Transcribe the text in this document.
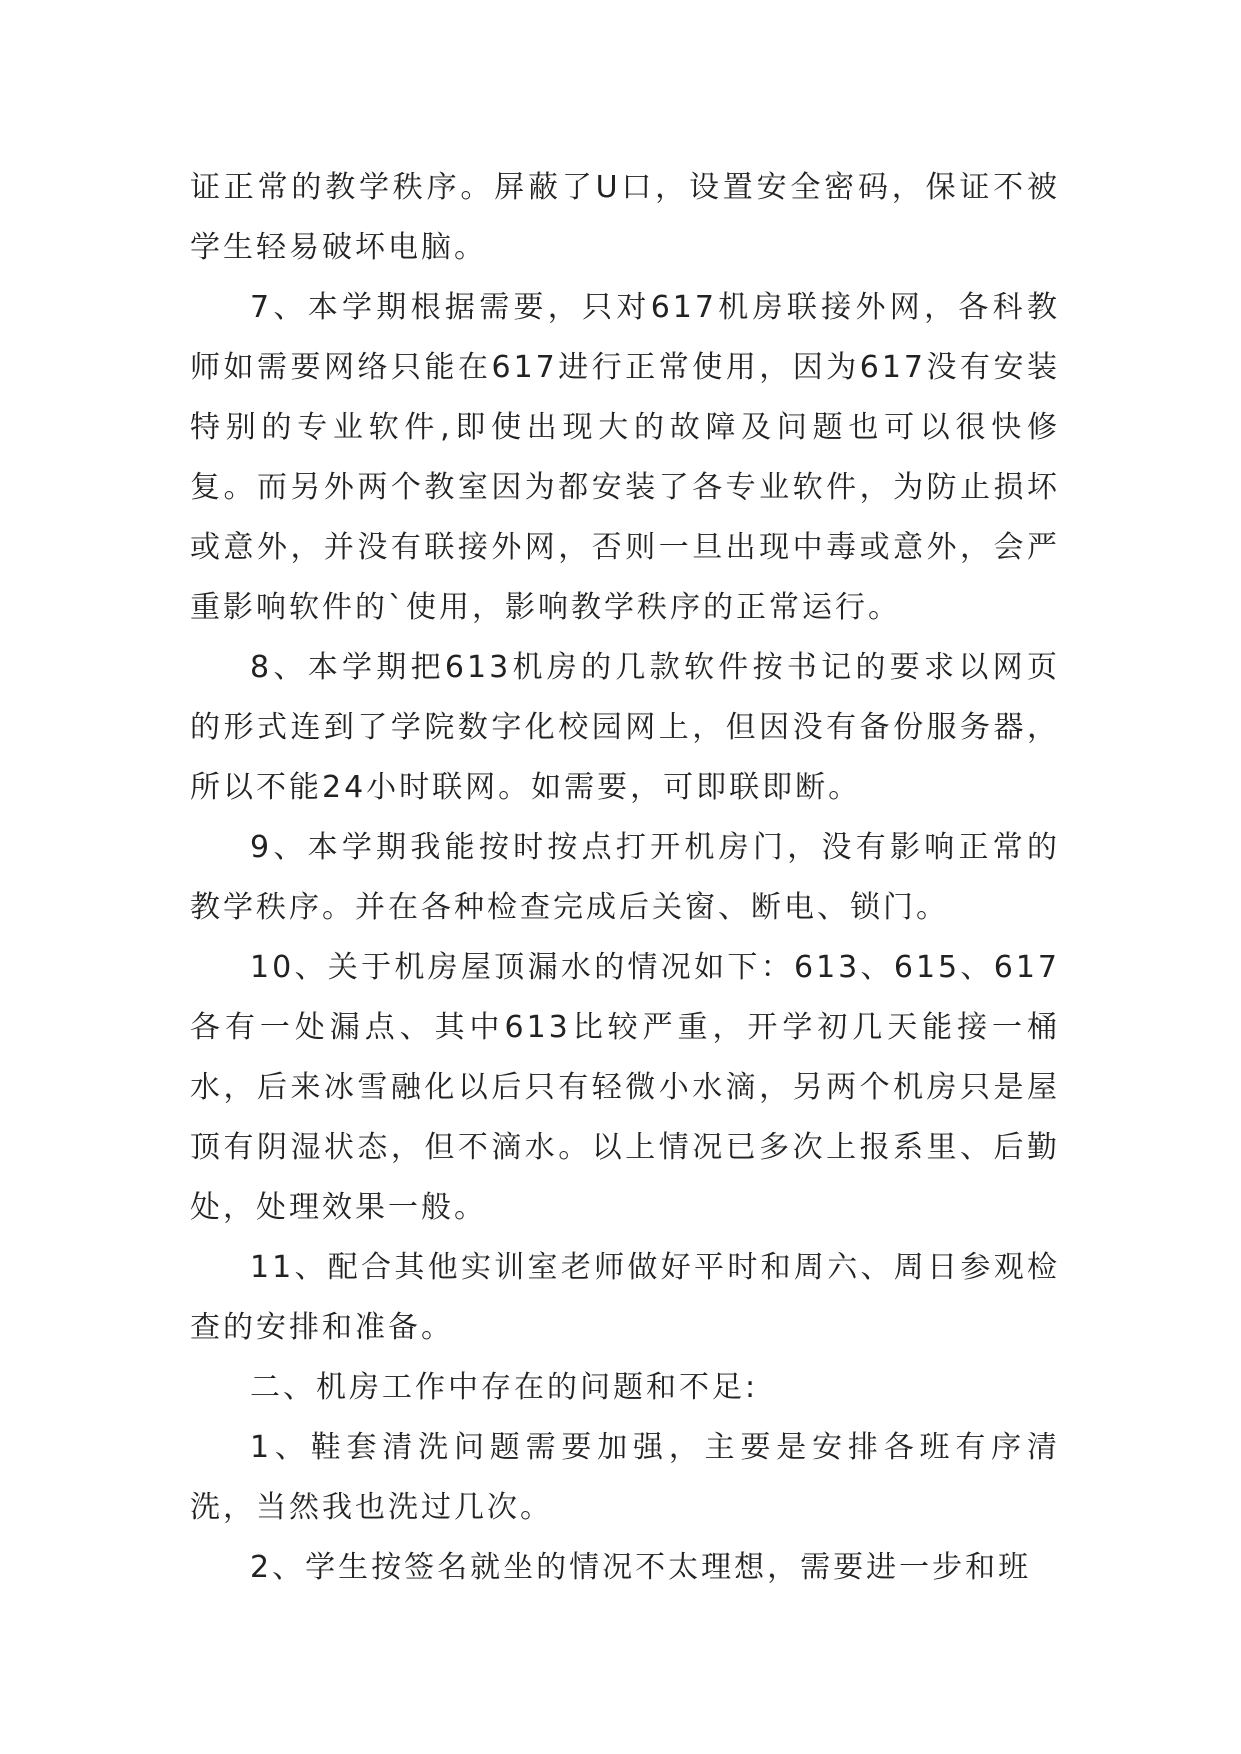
证正常的教学秩序。屏蔽了U口，设置安全密码，保证不被学生轻易破坏电脑。

7、本学期根据需要，只对617机房联接外网，各科教师如需要网络只能在617进行正常使用，因为617没有安装特别的专业软件,即使出现大的故障及问题也可以很快修复。而另外两个教室因为都安装了各专业软件，为防止损坏或意外，并没有联接外网，否则一旦出现中毒或意外，会严重影响软件的`使用，影响教学秩序的正常运行。

8、本学期把613机房的几款软件按书记的要求以网页的形式连到了学院数字化校园网上，但因没有备份服务器，所以不能24小时联网。如需要，可即联即断。

9、本学期我能按时按点打开机房门，没有影响正常的教学秩序。并在各种检查完成后关窗、断电、锁门。

10、关于机房屋顶漏水的情况如下：613、615、617各有一处漏点、其中613比较严重，开学初几天能接一桶水，后来冰雪融化以后只有轻微小水滴，另两个机房只是屋顶有阴湿状态，但不滴水。以上情况已多次上报系里、后勤处，处理效果一般。

11、配合其他实训室老师做好平时和周六、周日参观检查的安排和准备。

二、机房工作中存在的问题和不足:

1、鞋套清洗问题需要加强，主要是安排各班有序清洗，当然我也洗过几次。

2、学生按签名就坐的情况不太理想，需要进一步和班
